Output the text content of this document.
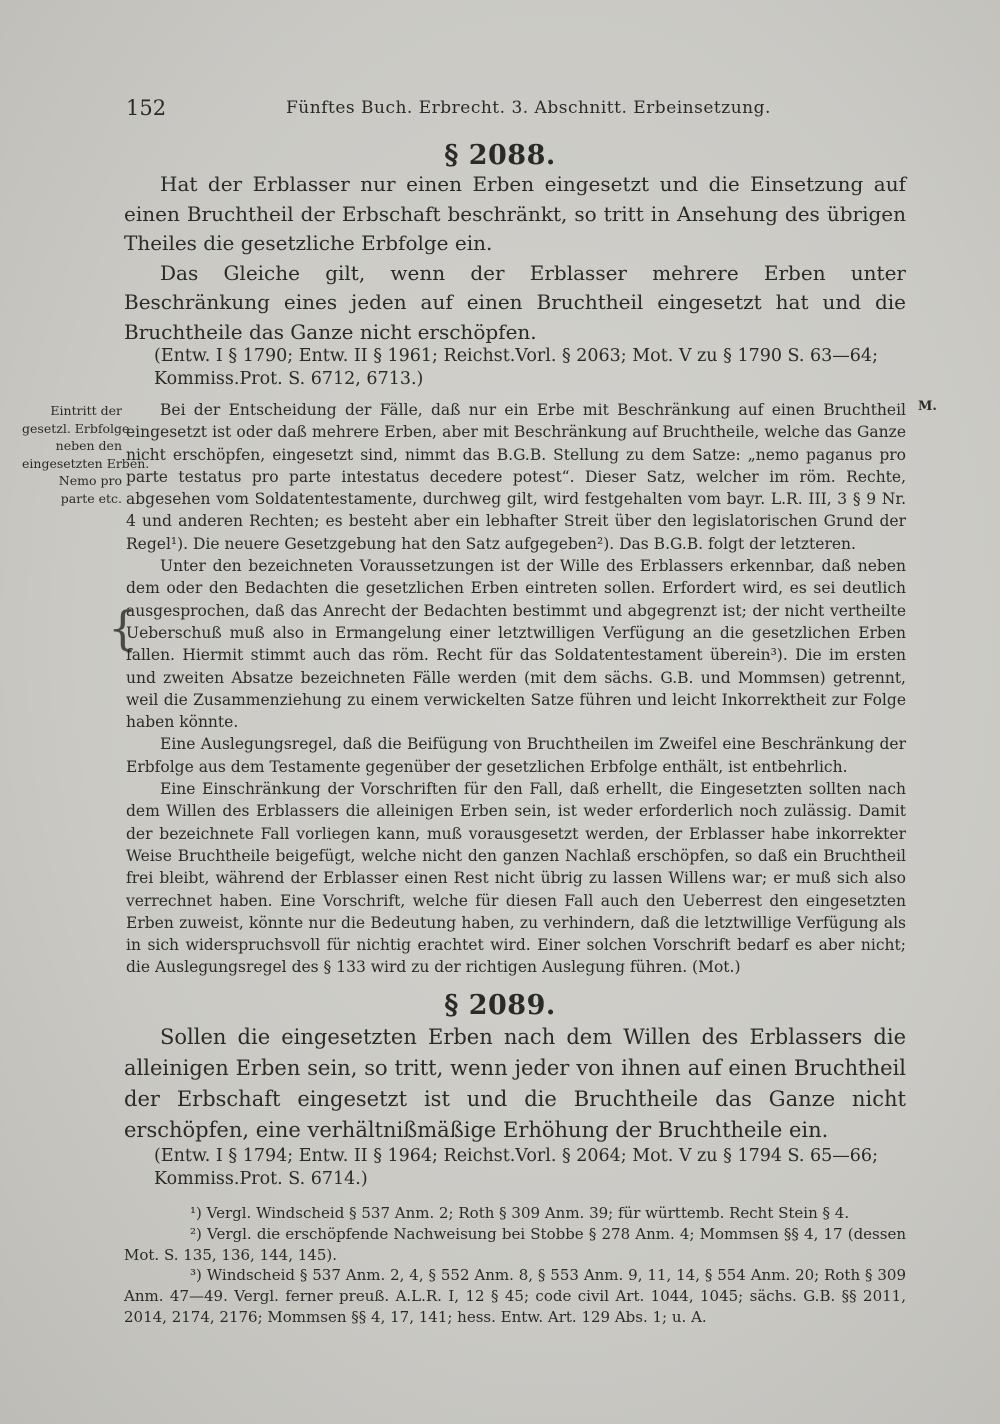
152	Fünftes Buch. Erbrecht. 3. Abschnitt. Erbeinsetzung.
§ 2088.

Hat der Erblasser nur einen Erben eingesetzt und die Einsetzung auf einen Bruchtheil der Erbschaft beschränkt, so tritt in Ansehung des übrigen Theiles die gesetzliche Erbfolge ein.

Das Gleiche gilt, wenn der Erblasser mehrere Erben unter Beschränkung eines jeden auf einen Bruchtheil eingesetzt hat und die Bruchtheile das Ganze nicht erschöpfen.

(Entw. I § 1790; Entw. II § 1961; Reichst.Vorl. § 2063; Mot. V zu § 1790 S. 63—64;
Kommiss.Prot. S. 6712, 6713.)
Eintritt der
gesetzl. Erbfolge
neben den
eingesetzten Erben.
Nemo pro
parte etc.
M.
{

Bei der Entscheidung der Fälle, daß nur ein Erbe mit Beschränkung auf einen Bruchtheil eingesetzt ist oder daß mehrere Erben, aber mit Beschränkung auf Bruchtheile, welche das Ganze nicht erschöpfen, eingesetzt sind, nimmt das B.G.B. Stellung zu dem Satze: „nemo paganus pro parte testatus pro parte intestatus decedere potest“. Dieser Satz, welcher im röm. Rechte, abgesehen vom Soldatentestamente, durchweg gilt, wird festgehalten vom bayr. L.R. III, 3 § 9 Nr. 4 und anderen Rechten; es besteht aber ein lebhafter Streit über den legislatorischen Grund der Regel¹). Die neuere Gesetzgebung hat den Satz aufgegeben²). Das B.G.B. folgt der letzteren.

Unter den bezeichneten Voraussetzungen ist der Wille des Erblassers erkennbar, daß neben dem oder den Bedachten die gesetzlichen Erben eintreten sollen. Erfordert wird, es sei deutlich ausgesprochen, daß das Anrecht der Bedachten bestimmt und abgegrenzt ist; der nicht vertheilte Ueberschuß muß also in Ermangelung einer letztwilligen Verfügung an die gesetzlichen Erben fallen. Hiermit stimmt auch das röm. Recht für das Soldatentestament überein³). Die im ersten und zweiten Absatze bezeichneten Fälle werden (mit dem sächs. G.B. und Mommsen) getrennt, weil die Zusammenziehung zu einem verwickelten Satze führen und leicht Inkorrektheit zur Folge haben könnte.

Eine Auslegungsregel, daß die Beifügung von Bruchtheilen im Zweifel eine Beschränkung der Erbfolge aus dem Testamente gegenüber der gesetzlichen Erbfolge enthält, ist entbehrlich.

Eine Einschränkung der Vorschriften für den Fall, daß erhellt, die Eingesetzten sollten nach dem Willen des Erblassers die alleinigen Erben sein, ist weder erforderlich noch zulässig. Damit der bezeichnete Fall vorliegen kann, muß vorausgesetzt werden, der Erblasser habe inkorrekter Weise Bruchtheile beigefügt, welche nicht den ganzen Nachlaß erschöpfen, so daß ein Bruchtheil frei bleibt, während der Erblasser einen Rest nicht übrig zu lassen Willens war; er muß sich also verrechnet haben. Eine Vorschrift, welche für diesen Fall auch den Ueberrest den eingesetzten Erben zuweist, könnte nur die Bedeutung haben, zu verhindern, daß die letztwillige Verfügung als in sich widerspruchsvoll für nichtig erachtet wird. Einer solchen Vorschrift bedarf es aber nicht; die Auslegungsregel des § 133 wird zu der richtigen Auslegung führen. (Mot.)

§ 2089.

Sollen die eingesetzten Erben nach dem Willen des Erblassers die alleinigen Erben sein, so tritt, wenn jeder von ihnen auf einen Bruchtheil der Erbschaft eingesetzt ist und die Bruchtheile das Ganze nicht erschöpfen, eine verhältnißmäßige Erhöhung der Bruchtheile ein.

(Entw. I § 1794; Entw. II § 1964; Reichst.Vorl. § 2064; Mot. V zu § 1794 S. 65—66;
Kommiss.Prot. S. 6714.)

¹) Vergl. Windscheid § 537 Anm. 2; Roth § 309 Anm. 39; für württemb. Recht Stein § 4.

²) Vergl. die erschöpfende Nachweisung bei Stobbe § 278 Anm. 4; Mommsen §§ 4, 17 (dessen Mot. S. 135, 136, 144, 145).

³) Windscheid § 537 Anm. 2, 4, § 552 Anm. 8, § 553 Anm. 9, 11, 14, § 554 Anm. 20; Roth § 309 Anm. 47—49. Vergl. ferner preuß. A.L.R. I, 12 § 45; code civil Art. 1044, 1045; sächs. G.B. §§ 2011, 2014, 2174, 2176; Mommsen §§ 4, 17, 141; hess. Entw. Art. 129 Abs. 1; u. A.
